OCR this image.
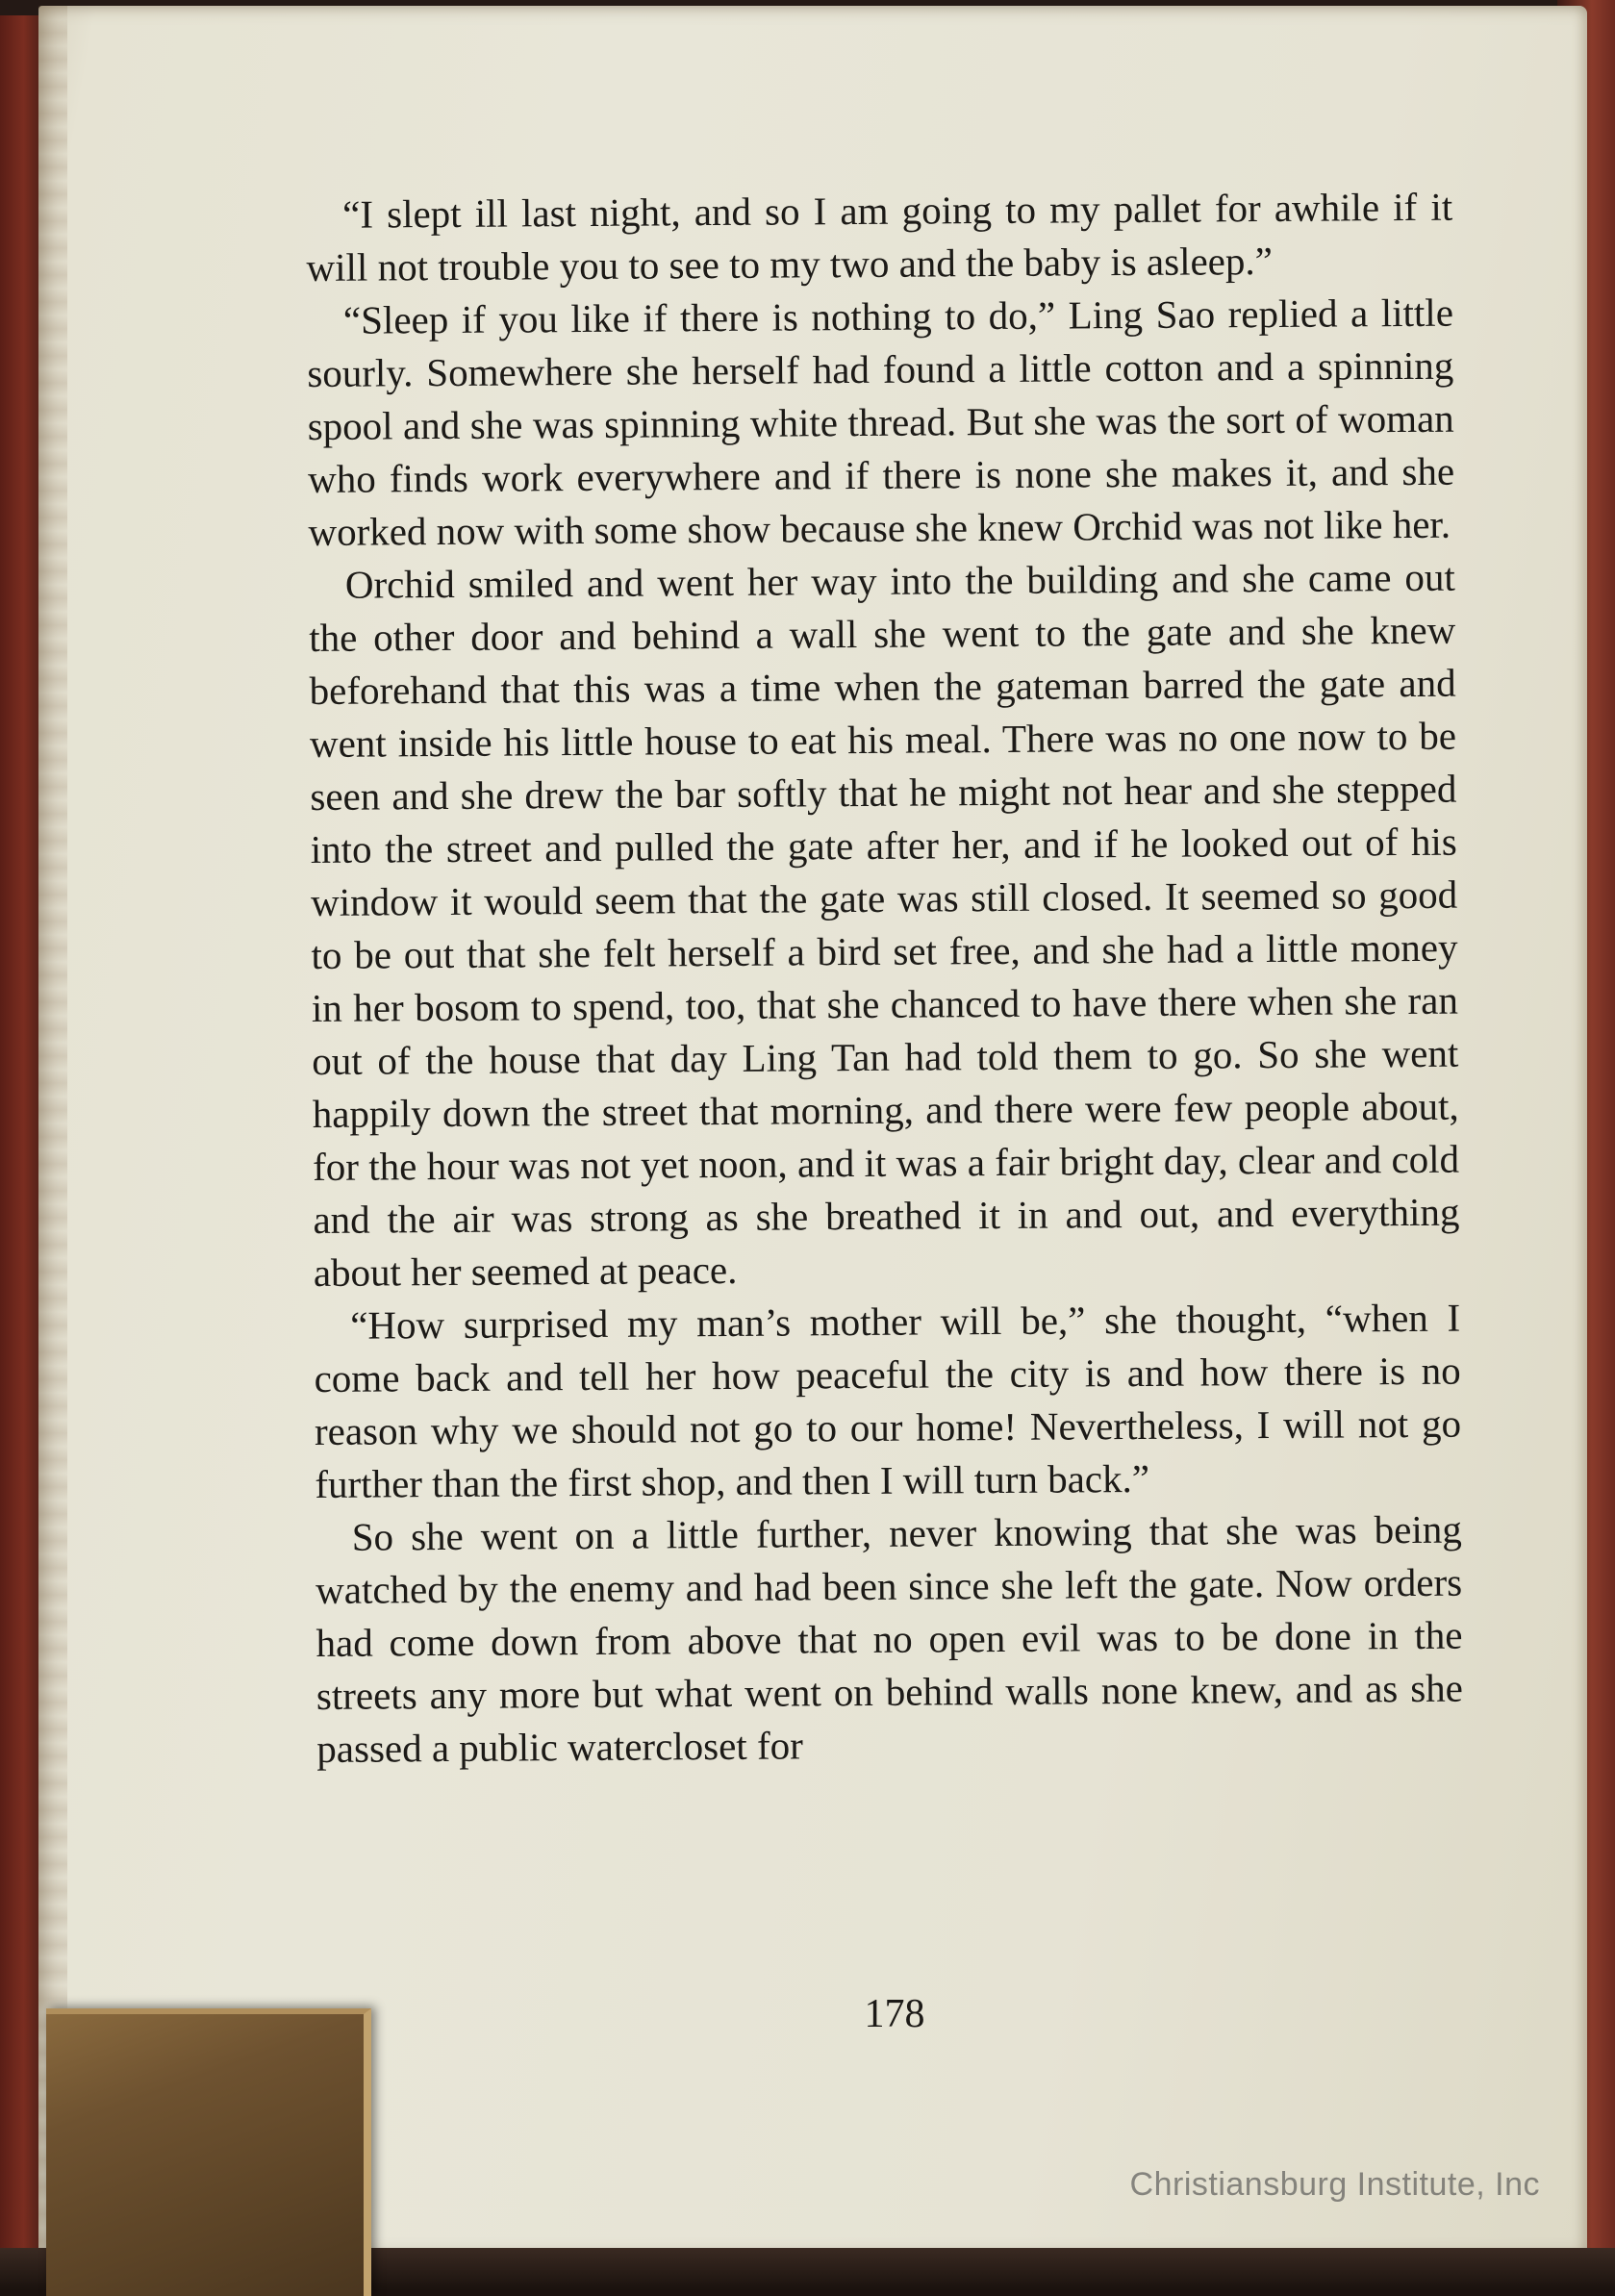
“I slept ill last night, and so I am going to my pallet for awhile if it will not trouble you to see to my two and the baby is asleep.”

“Sleep if you like if there is nothing to do,” Ling Sao replied a little sourly. Somewhere she herself had found a little cotton and a spinning spool and she was spinning white thread. But she was the sort of woman who finds work everywhere and if there is none she makes it, and she worked now with some show because she knew Orchid was not like her.

Orchid smiled and went her way into the building and she came out the other door and behind a wall she went to the gate and she knew beforehand that this was a time when the gateman barred the gate and went inside his little house to eat his meal. There was no one now to be seen and she drew the bar softly that he might not hear and she stepped into the street and pulled the gate after her, and if he looked out of his window it would seem that the gate was still closed. It seemed so good to be out that she felt herself a bird set free, and she had a little money in her bosom to spend, too, that she chanced to have there when she ran out of the house that day Ling Tan had told them to go. So she went happily down the street that morning, and there were few people about, for the hour was not yet noon, and it was a fair bright day, clear and cold and the air was strong as she breathed it in and out, and everything about her seemed at peace.

“How surprised my man’s mother will be,” she thought, “when I come back and tell her how peaceful the city is and how there is no reason why we should not go to our home! Nevertheless, I will not go further than the first shop, and then I will turn back.”

So she went on a little further, never knowing that she was being watched by the enemy and had been since she left the gate. Now orders had come down from above that no open evil was to be done in the streets any more but what went on behind walls none knew, and as she passed a public watercloset for

178
Christiansburg Institute, Inc
